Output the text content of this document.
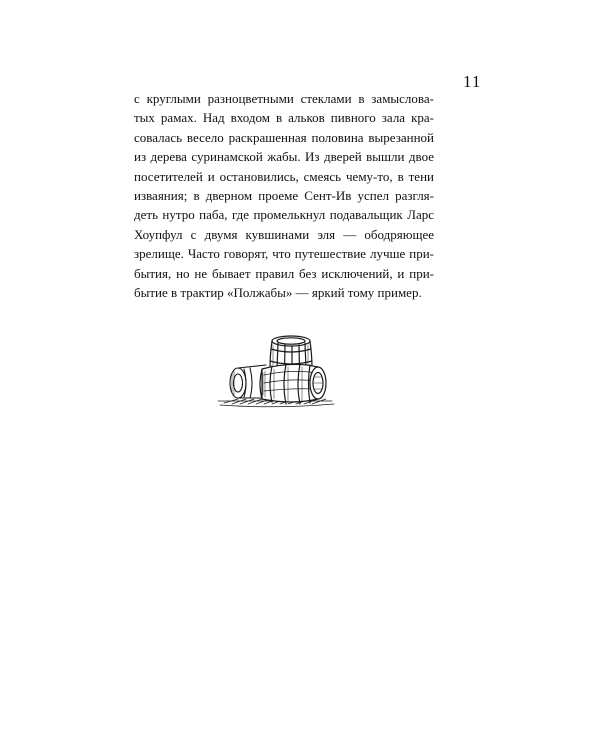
11
с круглыми разноцветными стеклами в замыслова-
тых рамах. Над входом в альков пивного зала кра-
совалась весело раскрашенная половина вырезанной
из дерева суринамской жабы. Из дверей вышли двое
посетителей и остановились, смеясь чему-то, в тени
изваяния; в дверном проеме Сент-Ив успел разгля-
деть нутро паба, где промелькнул подавальщик Ларс
Хоупфул с двумя кувшинами эля — ободряющее
зрелище. Часто говорят, что путешествие лучше при-
бытия, но не бывает правил без исключений, и при-
бытие в трактир «Полжабы» — яркий тому пример.
